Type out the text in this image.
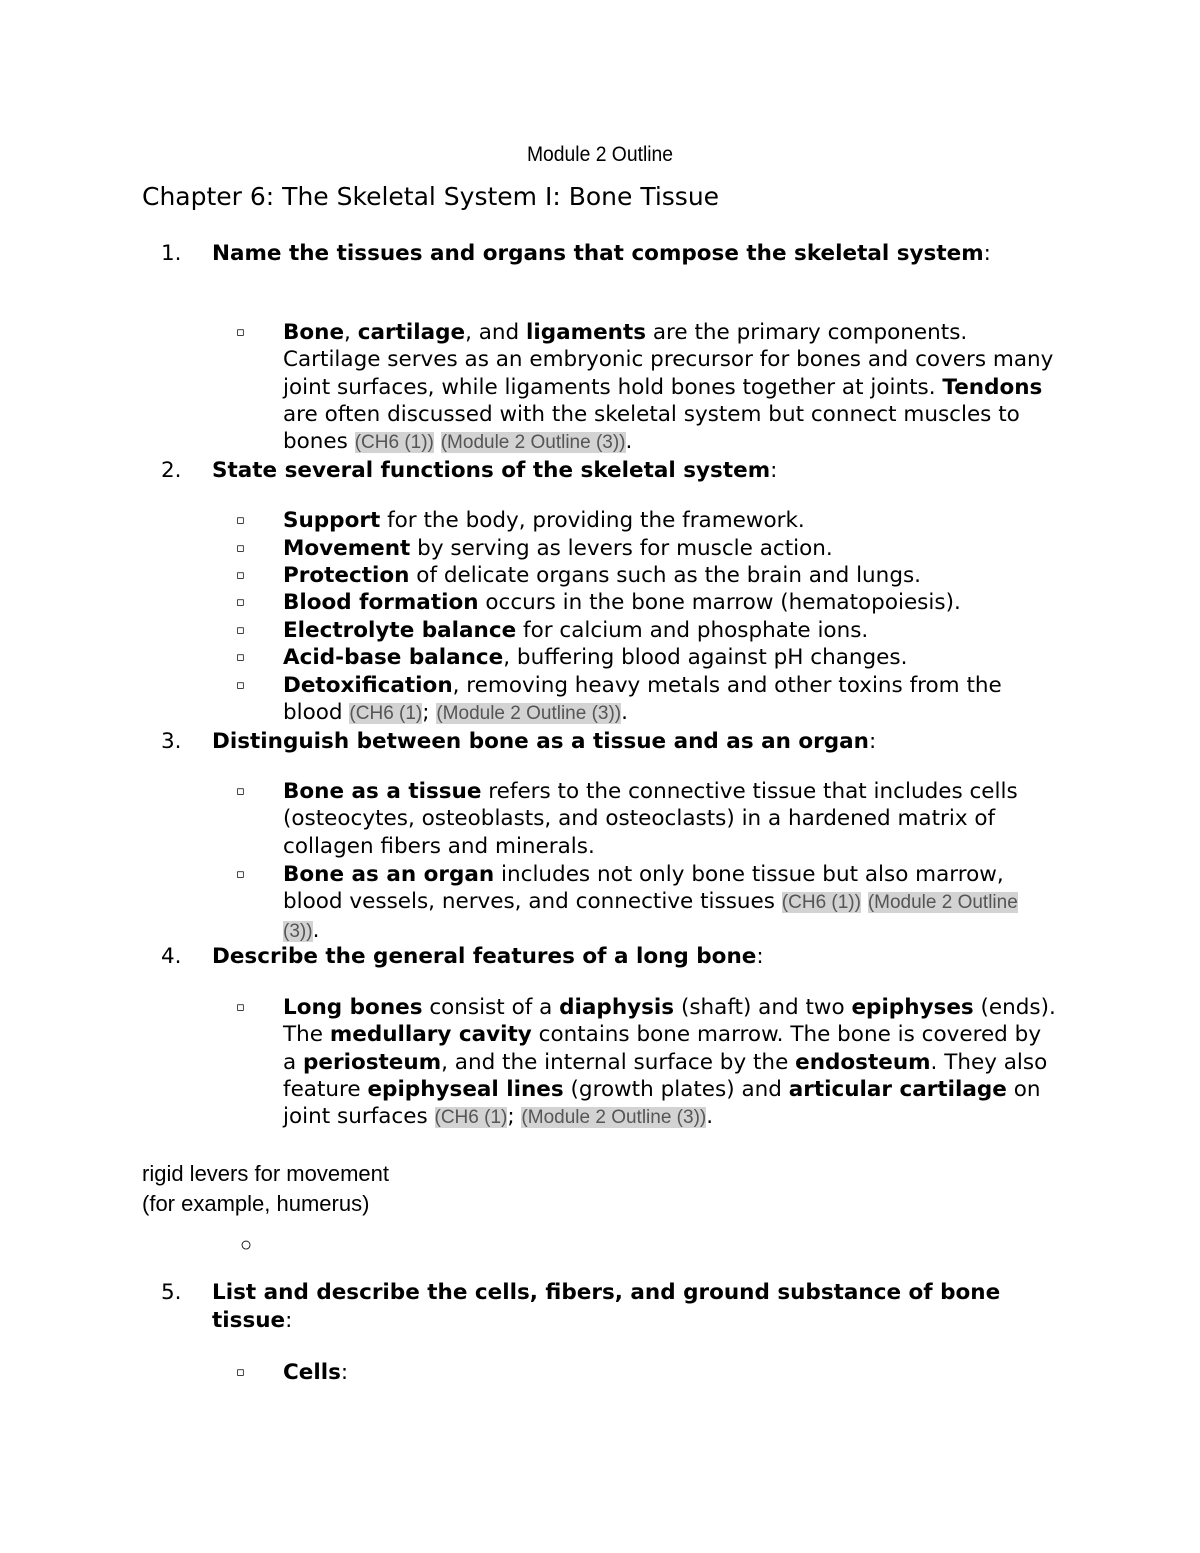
Module 2 Outline
Chapter 6: The Skeletal System I: Bone Tissue
1. Name the tissues and organs that compose the skeletal system:
▫ Bone, cartilage, and ligaments are the primary components. Cartilage serves as an embryonic precursor for bones and covers many joint surfaces, while ligaments hold bones together at joints. Tendons are often discussed with the skeletal system but connect muscles to bones (CH6 (1)) (Module 2 Outline (3)).
2. State several functions of the skeletal system:
▫ Support for the body, providing the framework.
▫ Movement by serving as levers for muscle action.
▫ Protection of delicate organs such as the brain and lungs.
▫ Blood formation occurs in the bone marrow (hematopoiesis).
▫ Electrolyte balance for calcium and phosphate ions.
▫ Acid-base balance, buffering blood against pH changes.
▫ Detoxification, removing heavy metals and other toxins from the blood (CH6 (1); (Module 2 Outline (3)).
3. Distinguish between bone as a tissue and as an organ:
▫ Bone as a tissue refers to the connective tissue that includes cells (osteocytes, osteoblasts, and osteoclasts) in a hardened matrix of collagen fibers and minerals.
▫ Bone as an organ includes not only bone tissue but also marrow, blood vessels, nerves, and connective tissues (CH6 (1)) (Module 2 Outline (3)).
4. Describe the general features of a long bone:
▫ Long bones consist of a diaphysis (shaft) and two epiphyses (ends). The medullary cavity contains bone marrow. The bone is covered by a periosteum, and the internal surface by the endosteum. They also feature epiphyseal lines (growth plates) and articular cartilage on joint surfaces (CH6 (1); (Module 2 Outline (3)).
rigid levers for movement
(for example, humerus)
○
5. List and describe the cells, fibers, and ground substance of bone tissue:
▫ Cells:
